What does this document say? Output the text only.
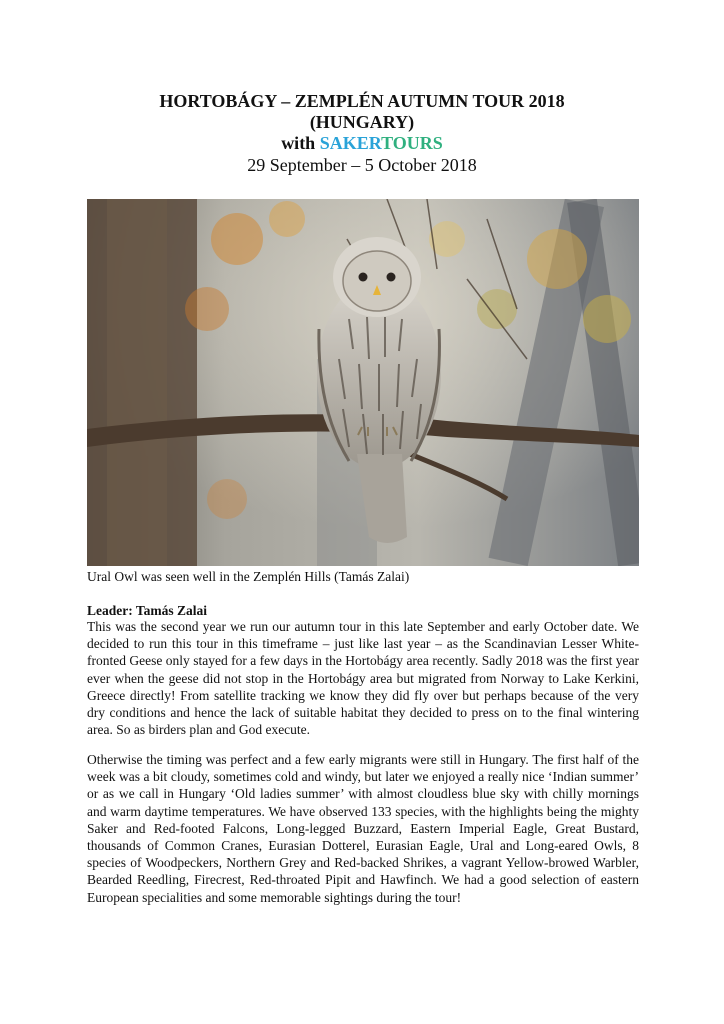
HORTOBÁGY – ZEMPLÉN AUTUMN TOUR 2018

(HUNGARY)

with SAKERTOURS

29 September – 5 October 2018

Ural Owl was seen well in the Zemplén Hills (Tamás Zalai)
Leader: Tamás Zalai

This was the second year we run our autumn tour in this late September and early October date. We decided to run this tour in this timeframe – just like last year – as the Scandinavian Lesser White-fronted Geese only stayed for a few days in the Hortobágy area recently. Sadly 2018 was the first year ever when the geese did not stop in the Hortobágy area but migrated from Norway to Lake Kerkini, Greece directly! From satellite tracking we know they did fly over but perhaps because of the very dry conditions and hence the lack of suitable habitat they decided to press on to the final wintering area. So as birders plan and God execute.

Otherwise the timing was perfect and a few early migrants were still in Hungary. The first half of the week was a bit cloudy, sometimes cold and windy, but later we enjoyed a really nice ‘Indian summer’ or as we call in Hungary ‘Old ladies summer’ with almost cloudless blue sky with chilly mornings and warm daytime temperatures. We have observed 133 species, with the highlights being the mighty Saker and Red-footed Falcons, Long-legged Buzzard, Eastern Imperial Eagle, Great Bustard, thousands of Common Cranes, Eurasian Dotterel, Eurasian Eagle, Ural and Long-eared Owls, 8 species of Woodpeckers, Northern Grey and Red-backed Shrikes, a vagrant Yellow-browed Warbler, Bearded Reedling, Firecrest, Red-throated Pipit and Hawfinch. We had a good selection of eastern European specialities and some memorable sightings during the tour!
